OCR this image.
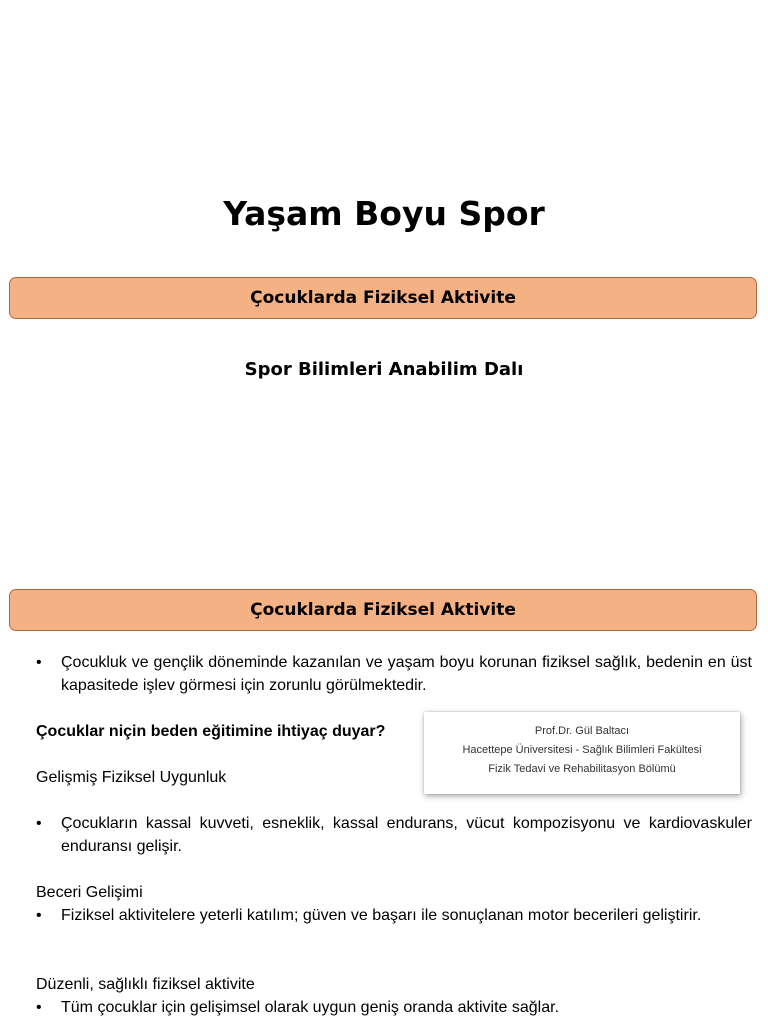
Yaşam Boyu Spor
Çocuklarda Fiziksel Aktivite
Spor Bilimleri Anabilim Dalı
Çocuklarda Fiziksel Aktivite
• Çocukluk ve gençlik döneminde kazanılan ve yaşam boyu korunan fiziksel sağlık, bedenin en üst kapasitede işlev görmesi için zorunlu görülmektedir.
Çocuklar niçin beden eğitimine ihtiyaç duyar?
Gelişmiş Fiziksel Uygunluk
• Çocukların kassal kuvveti, esneklik, kassal endurans, vücut kompozisyonu ve kardiovaskuler enduransı gelişir.
Beceri Gelişimi
• Fiziksel aktivitelere yeterli katılım; güven ve başarı ile sonuçlanan motor becerileri geliştirir.
Düzenli, sağlıklı fiziksel aktivite
• Tüm çocuklar için gelişimsel olarak uygun geniş oranda aktivite sağlar.
Prof.Dr. Gül Baltacı
Hacettepe Üniversitesi - Sağlık Bilimleri Fakültesi
Fizik Tedavi ve Rehabilitasyon Bölümü
